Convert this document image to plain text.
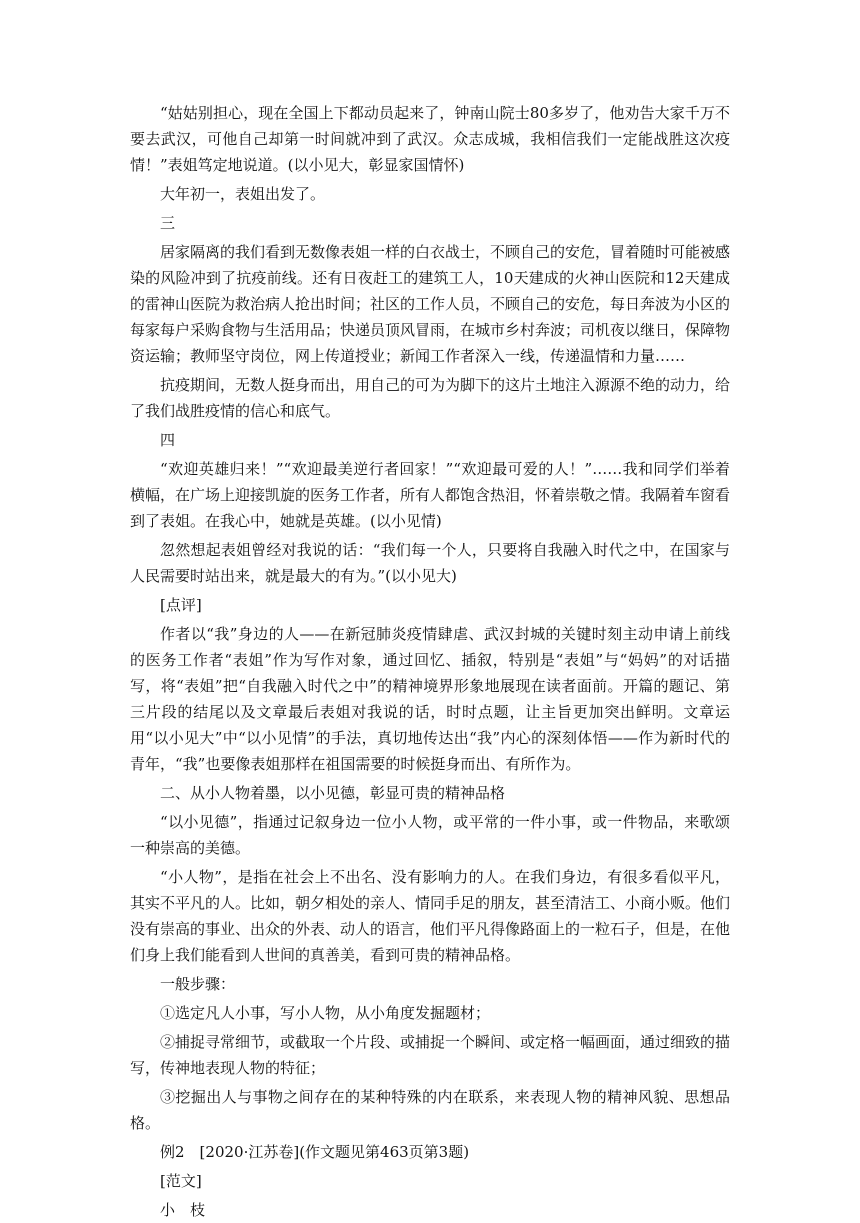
“姑姑别担心，现在全国上下都动员起来了，钟南山院士80多岁了，他劝告大家千万不要去武汉，可他自己却第一时间就冲到了武汉。众志成城，我相信我们一定能战胜这次疫情！”表姐笃定地说道。(以小见大，彰显家国情怀)

大年初一，表姐出发了。

三

居家隔离的我们看到无数像表姐一样的白衣战士，不顾自己的安危，冒着随时可能被感染的风险冲到了抗疫前线。还有日夜赶工的建筑工人，10天建成的火神山医院和12天建成的雷神山医院为救治病人抢出时间；社区的工作人员，不顾自己的安危，每日奔波为小区的每家每户采购食物与生活用品；快递员顶风冒雨，在城市乡村奔波；司机夜以继日，保障物资运输；教师坚守岗位，网上传道授业；新闻工作者深入一线，传递温情和力量……

抗疫期间，无数人挺身而出，用自己的可为为脚下的这片土地注入源源不绝的动力，给了我们战胜疫情的信心和底气。

四

“欢迎英雄归来！”“欢迎最美逆行者回家！”“欢迎最可爱的人！”……我和同学们举着横幅，在广场上迎接凯旋的医务工作者，所有人都饱含热泪，怀着崇敬之情。我隔着车窗看到了表姐。在我心中，她就是英雄。(以小见情)

忽然想起表姐曾经对我说的话：“我们每一个人，只要将自我融入时代之中，在国家与人民需要时站出来，就是最大的有为。”(以小见大)

[点评]

作者以“我”身边的人——在新冠肺炎疫情肆虐、武汉封城的关键时刻主动申请上前线的医务工作者“表姐”作为写作对象，通过回忆、插叙，特别是“表姐”与“妈妈”的对话描写，将“表姐”把“自我融入时代之中”的精神境界形象地展现在读者面前。开篇的题记、第三片段的结尾以及文章最后表姐对我说的话，时时点题，让主旨更加突出鲜明。文章运用“以小见大”中“以小见情”的手法，真切地传达出“我”内心的深刻体悟——作为新时代的青年，“我”也要像表姐那样在祖国需要的时候挺身而出、有所作为。

二、从小人物着墨，以小见德，彰显可贵的精神品格

“以小见德”，指通过记叙身边一位小人物，或平常的一件小事，或一件物品，来歌颂一种崇高的美德。

“小人物”，是指在社会上不出名、没有影响力的人。在我们身边，有很多看似平凡，其实不平凡的人。比如，朝夕相处的亲人、情同手足的朋友，甚至清洁工、小商小贩。他们没有崇高的事业、出众的外表、动人的语言，他们平凡得像路面上的一粒石子，但是，在他们身上我们能看到人世间的真善美，看到可贵的精神品格。

一般步骤：

①选定凡人小事，写小人物，从小角度发掘题材；

②捕捉寻常细节，或截取一个片段、或捕捉一个瞬间、或定格一幅画面，通过细致的描写，传神地表现人物的特征；

③挖掘出人与事物之间存在的某种特殊的内在联系，来表现人物的精神风貌、思想品格。

例2　[2020·江苏卷](作文题见第463页第3题)

[范文]

小　枝
